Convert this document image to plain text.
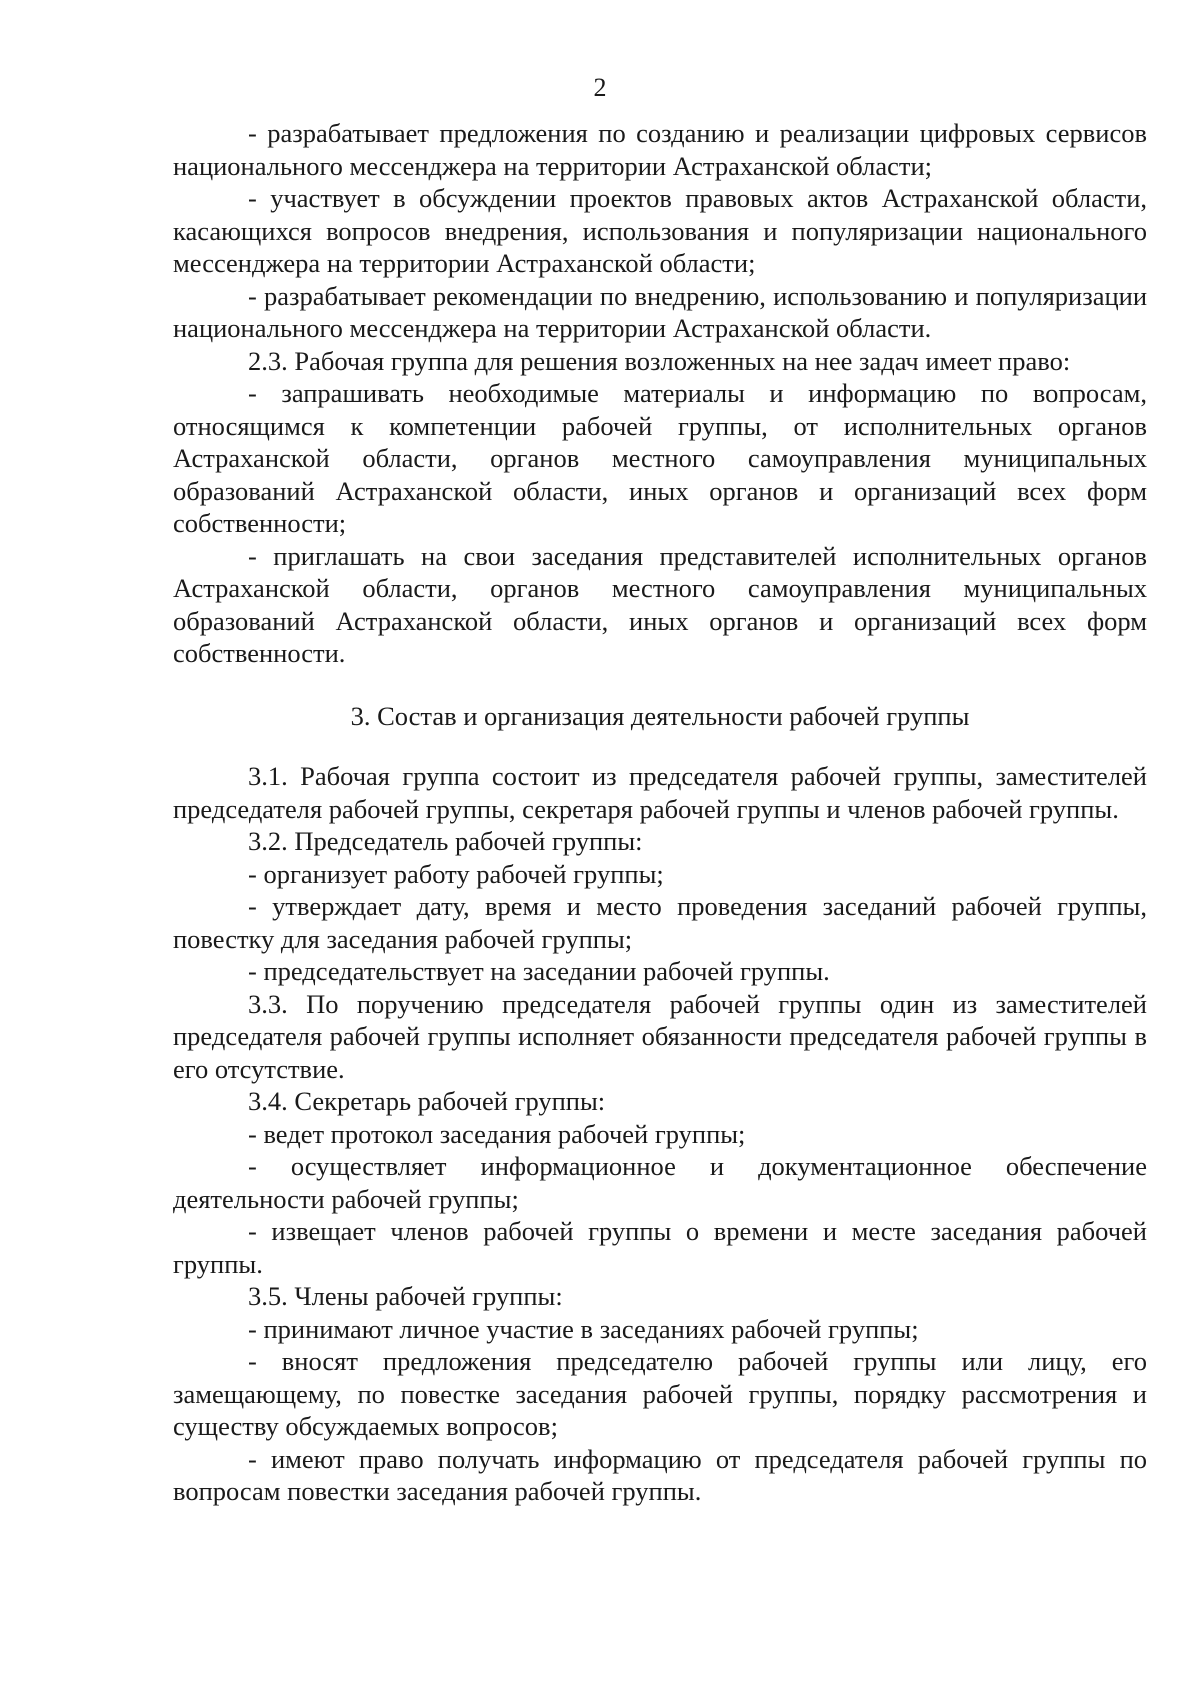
2

- разрабатывает предложения по созданию и реализации цифровых сервисов национального мессенджера на территории Астраханской области;

- участвует в обсуждении проектов правовых актов Астраханской области, касающихся вопросов внедрения, использования и популяризации национального мессенджера на территории Астраханской области;

- разрабатывает рекомендации по внедрению, использованию и популяризации национального мессенджера на территории Астраханской области.

2.3. Рабочая группа для решения возложенных на нее задач имеет право:

- запрашивать необходимые материалы и информацию по вопросам, относящимся к компетенции рабочей группы, от исполнительных органов Астраханской области, органов местного самоуправления муниципальных образований Астраханской области, иных органов и организаций всех форм собственности;

- приглашать на свои заседания представителей исполнительных органов Астраханской области, органов местного самоуправления муниципальных образований Астраханской области, иных органов и организаций всех форм собственности.

3. Состав и организация деятельности рабочей группы

3.1. Рабочая группа состоит из председателя рабочей группы, заместителей председателя рабочей группы, секретаря рабочей группы и членов рабочей группы.

3.2. Председатель рабочей группы:

- организует работу рабочей группы;

- утверждает дату, время и место проведения заседаний рабочей группы, повестку для заседания рабочей группы;

- председательствует на заседании рабочей группы.

3.3. По поручению председателя рабочей группы один из заместителей председателя рабочей группы исполняет обязанности председателя рабочей группы в его отсутствие.

3.4. Секретарь рабочей группы:

- ведет протокол заседания рабочей группы;

- осуществляет информационное и документационное обеспечение деятельности рабочей группы;

- извещает членов рабочей группы о времени и месте заседания рабочей группы.

3.5. Члены рабочей группы:

- принимают личное участие в заседаниях рабочей группы;

- вносят предложения председателю рабочей группы или лицу, его замещающему, по повестке заседания рабочей группы, порядку рассмотрения и существу обсуждаемых вопросов;

- имеют право получать информацию от председателя рабочей группы по вопросам повестки заседания рабочей группы.
